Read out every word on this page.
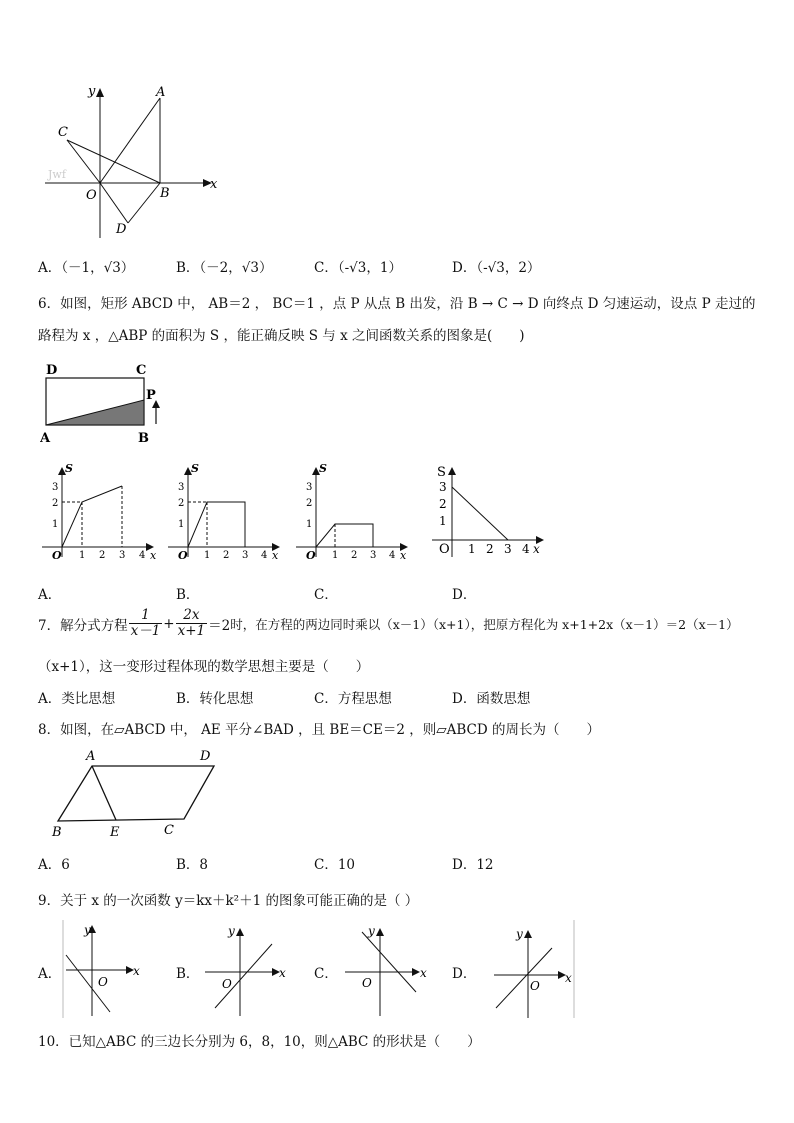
y	A
C
Jwf
O	B
x
D
A．（－1，√3）	B．（－2，√3）	C．（-√3，1）	D．（-√3，2）
6．如图，矩形 ABCD 中， AB＝2 ， BC＝1 ，点 P 从点 B 出发，沿 B → C → D 向终点 D 匀速运动，设点 P 走过的
路程为 x ，△ABP 的面积为 S ，能正确反映 S 与 x 之间函数关系的图象是(　　)
D	C
P
A	B
S
3
2
1
O 1 2 3 4 x
S
3
2
1
O 1 2 3 4 x
S
3
2
1
O 1 2 3 4 x
S
3
2
1
O 1 2 3 4 x
A．	B．	C．	D．
7．解分式方程 $\frac{1}{x-1} + \frac{2x}{x+1} =2$ 时，在方程的两边同时乘以（x－1）（x+1），把原方程化为 x+1+2x（x－1）＝2（x－1）
（x+1），这一变形过程体现的数学思想主要是（　　）
A．类比思想	B．转化思想	C．方程思想	D．函数思想
8．如图，在▱ABCD 中， AE 平分∠BAD ，且 BE＝CE＝2 ，则▱ABCD 的周长为（　　）
A	D
B	E	C
A．6	B．8	C．10	D．12
9．关于 x 的一次函数 y＝kx＋k²＋1 的图象可能正确的是（ ）
A．
y
x
O	B．
y
x
O
C．
y
x
O
D．
y
x
O
10．已知△ABC 的三边长分别为 6，8，10，则△ABC 的形状是（　　）
